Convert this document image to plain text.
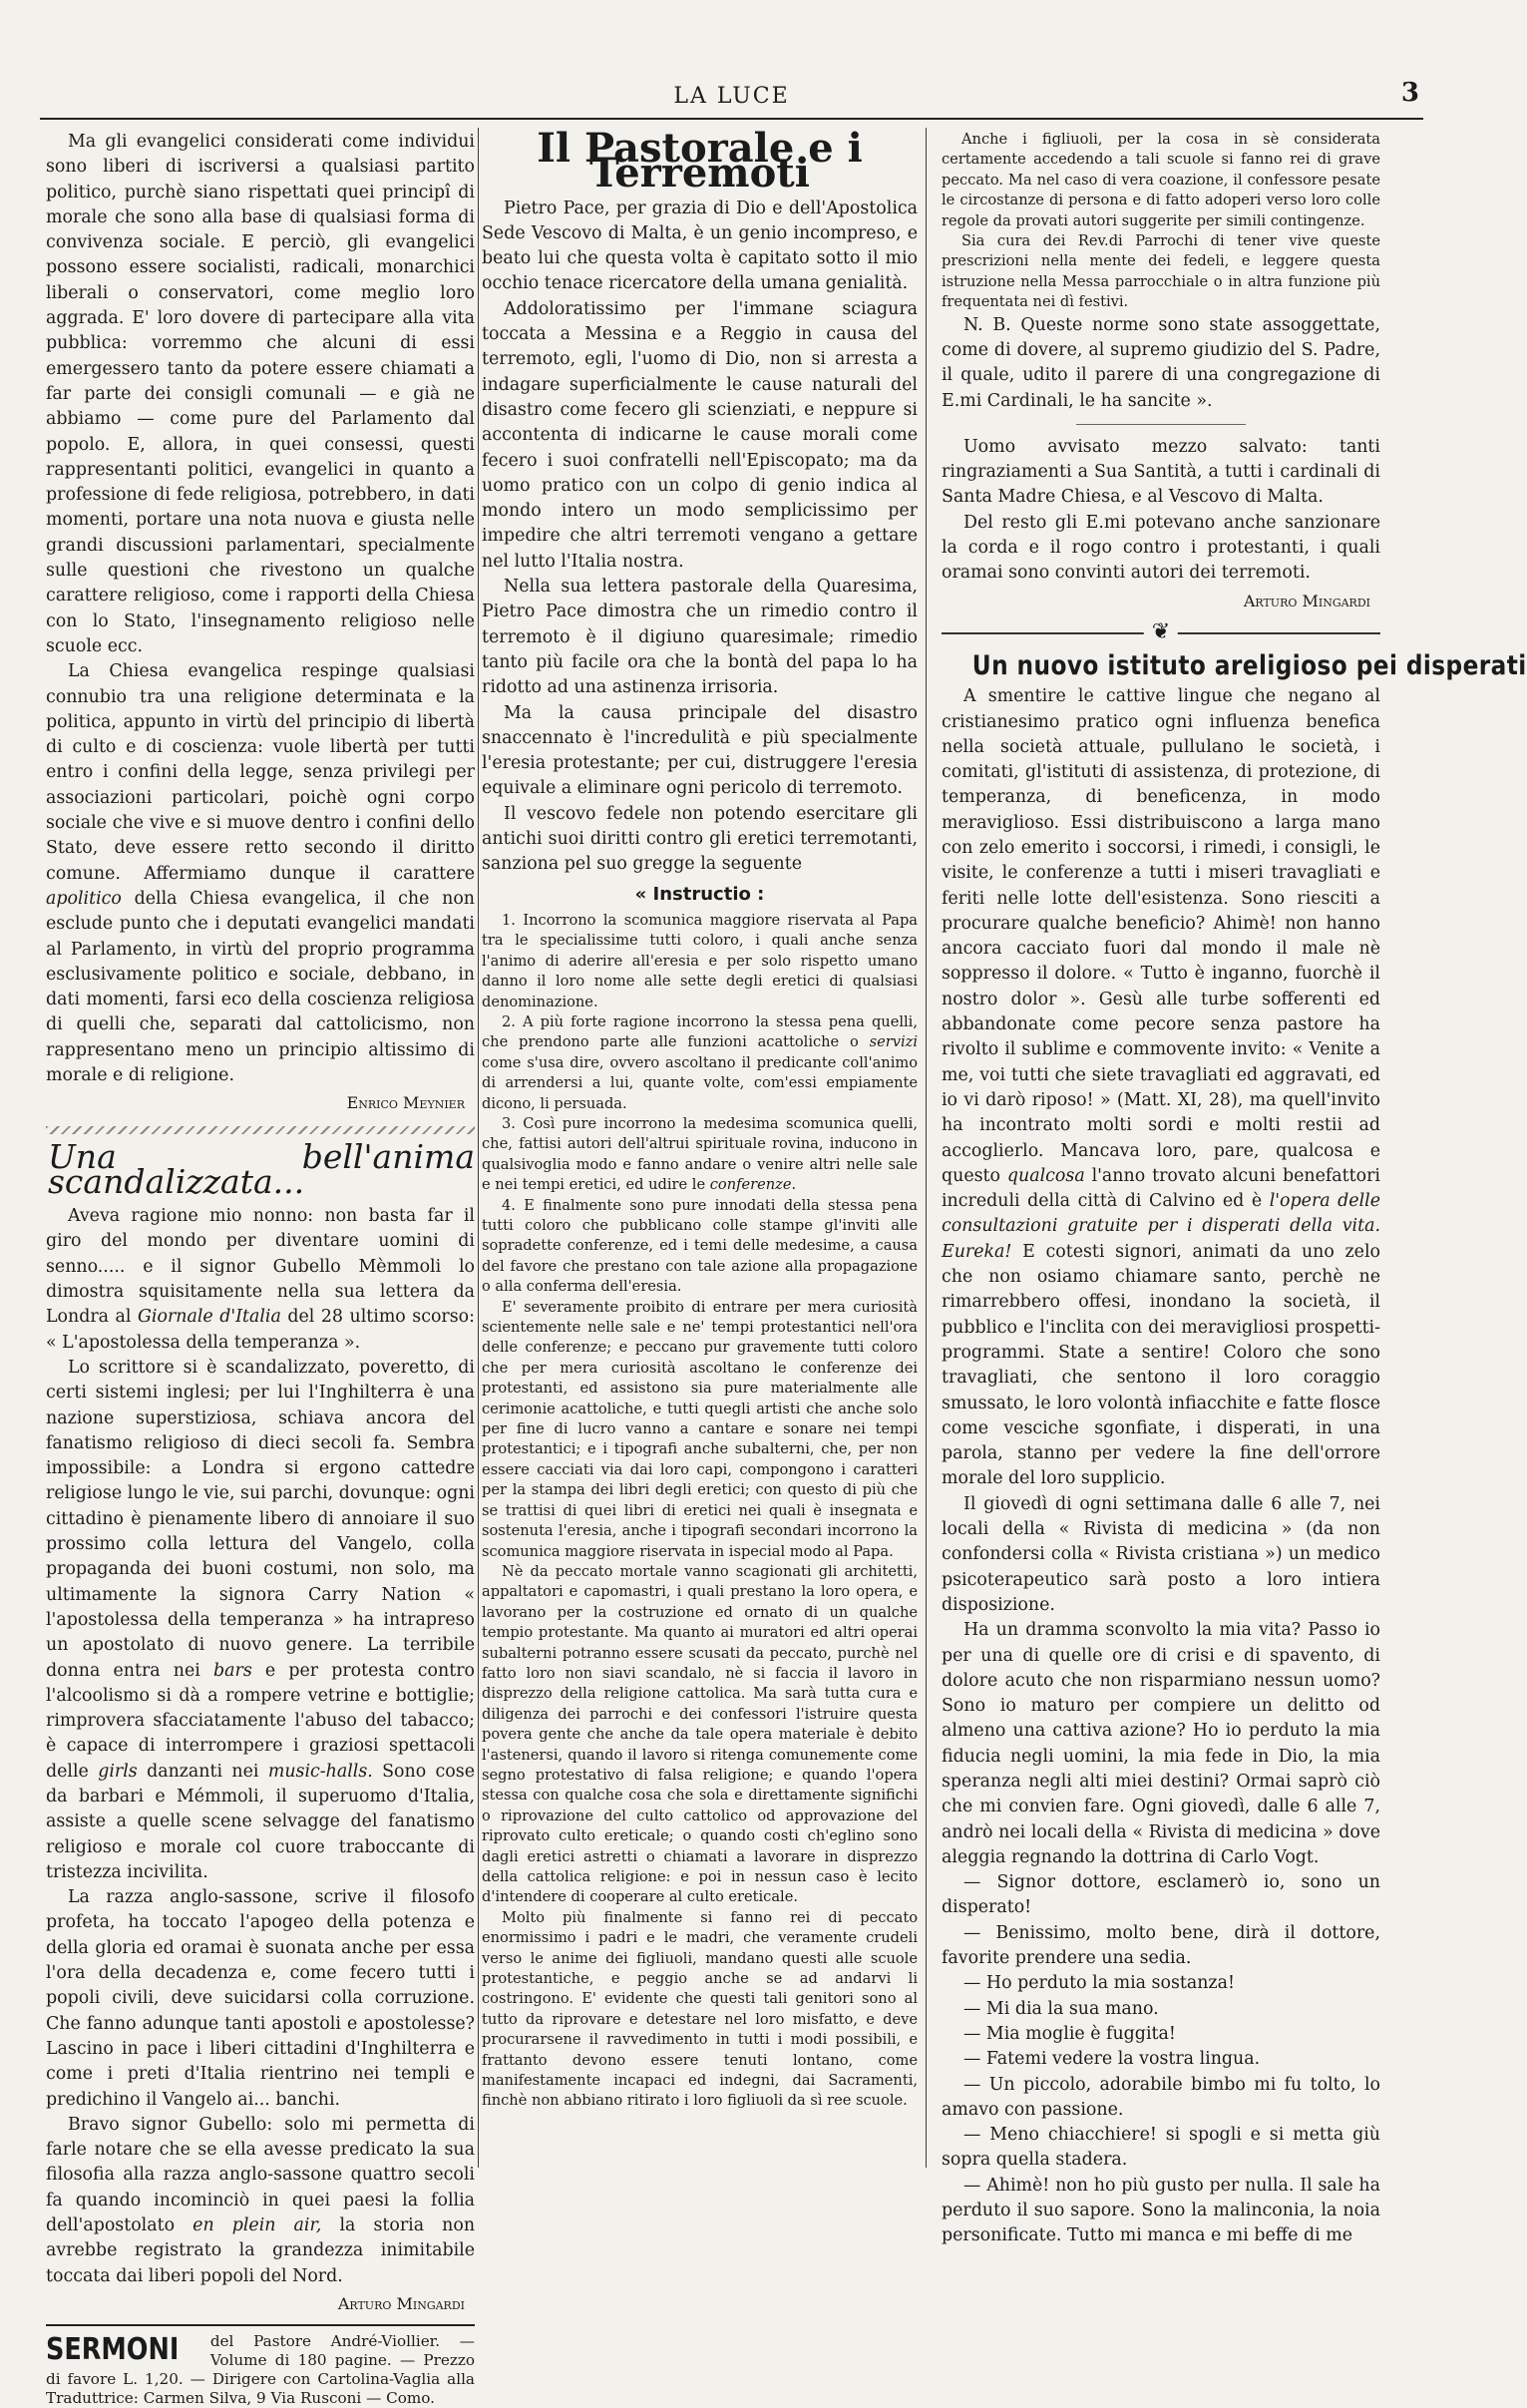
LA LUCE	3

Ma gli evangelici considerati come individui sono liberi di iscriversi a qualsiasi partito politico, purchè siano rispettati quei principî di morale che sono alla base di qualsiasi forma di convivenza sociale. E perciò, gli evangelici possono essere socialisti, radicali, monarchici liberali o conservatori, come meglio loro aggrada. E' loro dovere di partecipare alla vita pubblica: vorremmo che alcuni di essi emergessero tanto da potere essere chiamati a far parte dei consigli comunali — e già ne abbiamo — come pure del Parlamento dal popolo. E, allora, in quei consessi, questi rappresentanti politici, evangelici in quanto a professione di fede religiosa, potrebbero, in dati momenti, portare una nota nuova e giusta nelle grandi discussioni parlamentari, specialmente sulle questioni che rivestono un qualche carattere religioso, come i rapporti della Chiesa con lo Stato, l'insegnamento religioso nelle scuole ecc.

La Chiesa evangelica respinge qualsiasi connubio tra una religione determinata e la politica, appunto in virtù del principio di libertà di culto e di coscienza: vuole libertà per tutti entro i confini della legge, senza privilegi per associazioni particolari, poichè ogni corpo sociale che vive e si muove dentro i confini dello Stato, deve essere retto secondo il diritto comune. Affermiamo dunque il carattere apolitico della Chiesa evangelica, il che non esclude punto che i deputati evangelici mandati al Parlamento, in virtù del proprio programma esclusivamente politico e sociale, debbano, in dati momenti, farsi eco della coscienza religiosa di quelli che, separati dal cattolicismo, non rappresentano meno un principio altissimo di morale e di religione.

Enrico Meynier
Una bell'anima scandalizzata...

Aveva ragione mio nonno: non basta far il giro del mondo per diventare uomini di senno..... e il signor Gubello Mèmmoli lo dimostra squisitamente nella sua lettera da Londra al Giornale d'Italia del 28 ultimo scorso: « L'apostolessa della temperanza ».

Lo scrittore si è scandalizzato, poveretto, di certi sistemi inglesi; per lui l'Inghilterra è una nazione superstiziosa, schiava ancora del fanatismo religioso di dieci secoli fa. Sembra impossibile: a Londra si ergono cattedre religiose lungo le vie, sui parchi, dovunque: ogni cittadino è pienamente libero di annoiare il suo prossimo colla lettura del Vangelo, colla propaganda dei buoni costumi, non solo, ma ultimamente la signora Carry Nation « l'apostolessa della temperanza » ha intrapreso un apostolato di nuovo genere. La terribile donna entra nei bars e per protesta contro l'alcoolismo si dà a rompere vetrine e bottiglie; rimprovera sfacciatamente l'abuso del tabacco; è capace di interrompere i graziosi spettacoli delle girls danzanti nei music-halls. Sono cose da barbari e Mémmoli, il superuomo d'Italia, assiste a quelle scene selvagge del fanatismo religioso e morale col cuore traboccante di tristezza incivilita.

La razza anglo-sassone, scrive il filosofo profeta, ha toccato l'apogeo della potenza e della gloria ed oramai è suonata anche per essa l'ora della decadenza e, come fecero tutti i popoli civili, deve suicidarsi colla corruzione. Che fanno adunque tanti apostoli e apostolesse? Lascino in pace i liberi cittadini d'Inghilterra e come i preti d'Italia rientrino nei templi e predichino il Vangelo ai... banchi.

Bravo signor Gubello: solo mi permetta di farle notare che se ella avesse predicato la sua filosofia alla razza anglo-sassone quattro secoli fa quando incominciò in quei paesi la follia dell'apostolato en plein air, la storia non avrebbe registrato la grandezza inimitabile toccata dai liberi popoli del Nord.

Arturo Mingardi
SERMONI del Pastore André-Viollier. — Volume di 180 pagine. — Prezzo di favore L. 1,20. — Dirigere con Cartolina-Vaglia alla Traduttrice: Carmen Silva, 9 Via Rusconi — Como.
Il Pastorale e i Terremoti

Pietro Pace, per grazia di Dio e dell'Apostolica Sede Vescovo di Malta, è un genio incompreso, e beato lui che questa volta è capitato sotto il mio occhio tenace ricercatore della umana genialità.

Addoloratissimo per l'immane sciagura toccata a Messina e a Reggio in causa del terremoto, egli, l'uomo di Dio, non si arresta a indagare superficialmente le cause naturali del disastro come fecero gli scienziati, e neppure si accontenta di indicarne le cause morali come fecero i suoi confratelli nell'Episcopato; ma da uomo pratico con un colpo di genio indica al mondo intero un modo semplicissimo per impedire che altri terremoti vengano a gettare nel lutto l'Italia nostra.

Nella sua lettera pastorale della Quaresima, Pietro Pace dimostra che un rimedio contro il terremoto è il digiuno quaresimale; rimedio tanto più facile ora che la bontà del papa lo ha ridotto ad una astinenza irrisoria.

Ma la causa principale del disastro snaccennato è l'incredulità e più specialmente l'eresia protestante; per cui, distruggere l'eresia equivale a eliminare ogni pericolo di terremoto.

Il vescovo fedele non potendo esercitare gli antichi suoi diritti contro gli eretici terremotanti, sanziona pel suo gregge la seguente

« Instructio :

1. Incorrono la scomunica maggiore riservata al Papa tra le specialissime tutti coloro, i quali anche senza l'animo di aderire all'eresia e per solo rispetto umano danno il loro nome alle sette degli eretici di qualsiasi denominazione.

2. A più forte ragione incorrono la stessa pena quelli, che prendono parte alle funzioni acattoliche o servizi come s'usa dire, ovvero ascoltano il predicante coll'animo di arrendersi a lui, quante volte, com'essi empiamente dicono, li persuada.

3. Così pure incorrono la medesima scomunica quelli, che, fattisi autori dell'altrui spirituale rovina, inducono in qualsivoglia modo e fanno andare o venire altri nelle sale e nei tempi eretici, ed udire le conferenze.

4. E finalmente sono pure innodati della stessa pena tutti coloro che pubblicano colle stampe gl'inviti alle sopradette conferenze, ed i temi delle medesime, a causa del favore che prestano con tale azione alla propagazione o alla conferma dell'eresia.

E' severamente proibito di entrare per mera curiosità scientemente nelle sale e ne' tempi protestantici nell'ora delle conferenze; e peccano pur gravemente tutti coloro che per mera curiosità ascoltano le conferenze dei protestanti, ed assistono sia pure materialmente alle cerimonie acattoliche, e tutti quegli artisti che anche solo per fine di lucro vanno a cantare e sonare nei tempi protestantici; e i tipografi anche subalterni, che, per non essere cacciati via dai loro capi, compongono i caratteri per la stampa dei libri degli eretici; con questo di più che se trattisi di quei libri di eretici nei quali è insegnata e sostenuta l'eresia, anche i tipografi secondari incorrono la scomunica maggiore riservata in ispecial modo al Papa.

Nè da peccato mortale vanno scagionati gli architetti, appaltatori e capomastri, i quali prestano la loro opera, e lavorano per la costruzione ed ornato di un qualche tempio protestante. Ma quanto ai muratori ed altri operai subalterni potranno essere scusati da peccato, purchè nel fatto loro non siavi scandalo, nè si faccia il lavoro in disprezzo della religione cattolica. Ma sarà tutta cura e diligenza dei parrochi e dei confessori l'istruire questa povera gente che anche da tale opera materiale è debito l'astenersi, quando il lavoro si ritenga comunemente come segno protestativo di falsa religione; e quando l'opera stessa con qualche cosa che sola e direttamente significhi o riprovazione del culto cattolico od approvazione del riprovato culto ereticale; o quando costi ch'eglino sono dagli eretici astretti o chiamati a lavorare in disprezzo della cattolica religione: e poi in nessun caso è lecito d'intendere di cooperare al culto ereticale.

Molto più finalmente si fanno rei di peccato enormissimo i padri e le madri, che veramente crudeli verso le anime dei figliuoli, mandano questi alle scuole protestantiche, e peggio anche se ad andarvi li costringono. E' evidente che questi tali genitori sono al tutto da riprovare e detestare nel loro misfatto, e deve procurarsene il ravvedimento in tutti i modi possibili, e frattanto devono essere tenuti lontano, come manifestamente incapaci ed indegni, dai Sacramenti, finchè non abbiano ritirato i loro figliuoli da sì ree scuole.

Anche i figliuoli, per la cosa in sè considerata certamente accedendo a tali scuole si fanno rei di grave peccato. Ma nel caso di vera coazione, il confessore pesate le circostanze di persona e di fatto adoperi verso loro colle regole da provati autori suggerite per simili contingenze.

Sia cura dei Rev.di Parrochi di tener vive queste prescrizioni nella mente dei fedeli, e leggere questa istruzione nella Messa parrocchiale o in altra funzione più frequentata nei dì festivi.

N. B. Queste norme sono state assoggettate, come di dovere, al supremo giudizio del S. Padre, il quale, udito il parere di una congregazione di E.mi Cardinali, le ha sancite ».

Uomo avvisato mezzo salvato: tanti ringraziamenti a Sua Santità, a tutti i cardinali di Santa Madre Chiesa, e al Vescovo di Malta.

Del resto gli E.mi potevano anche sanzionare la corda e il rogo contro i protestanti, i quali oramai sono convinti autori dei terremoti.

Arturo Mingardi
❦
Un nuovo istituto areligioso pei disperati

A smentire le cattive lingue che negano al cristianesimo pratico ogni influenza benefica nella società attuale, pullulano le società, i comitati, gl'istituti di assistenza, di protezione, di temperanza, di beneficenza, in modo meraviglioso. Essi distribuiscono a larga mano con zelo emerito i soccorsi, i rimedi, i consigli, le visite, le conferenze a tutti i miseri travagliati e feriti nelle lotte dell'esistenza. Sono riesciti a procurare qualche beneficio? Ahimè! non hanno ancora cacciato fuori dal mondo il male nè soppresso il dolore. « Tutto è inganno, fuorchè il nostro dolor ». Gesù alle turbe sofferenti ed abbandonate come pecore senza pastore ha rivolto il sublime e commovente invito: « Venite a me, voi tutti che siete travagliati ed aggravati, ed io vi darò riposo! » (Matt. XI, 28), ma quell'invito ha incontrato molti sordi e molti restii ad accoglierlo. Mancava loro, pare, qualcosa e questo qualcosa l'anno trovato alcuni benefattori increduli della città di Calvino ed è l'opera delle consultazioni gratuite per i disperati della vita. Eureka! E cotesti signori, animati da uno zelo che non osiamo chiamare santo, perchè ne rimarrebbero offesi, inondano la società, il pubblico e l'inclita con dei meravigliosi prospetti-programmi. State a sentire! Coloro che sono travagliati, che sentono il loro coraggio smussato, le loro volontà infiacchite e fatte flosce come vesciche sgonfiate, i disperati, in una parola, stanno per vedere la fine dell'orrore morale del loro supplicio.

Il giovedì di ogni settimana dalle 6 alle 7, nei locali della « Rivista di medicina » (da non confondersi colla « Rivista cristiana ») un medico psicoterapeutico sarà posto a loro intiera disposizione.

Ha un dramma sconvolto la mia vita? Passo io per una di quelle ore di crisi e di spavento, di dolore acuto che non risparmiano nessun uomo? Sono io maturo per compiere un delitto od almeno una cattiva azione? Ho io perduto la mia fiducia negli uomini, la mia fede in Dio, la mia speranza negli alti miei destini? Ormai saprò ciò che mi convien fare. Ogni giovedì, dalle 6 alle 7, andrò nei locali della « Rivista di medicina » dove aleggia regnando la dottrina di Carlo Vogt.

— Signor dottore, esclamerò io, sono un disperato!

— Benissimo, molto bene, dirà il dottore, favorite prendere una sedia.

— Ho perduto la mia sostanza!

— Mi dia la sua mano.

— Mia moglie è fuggita!

— Fatemi vedere la vostra lingua.

— Un piccolo, adorabile bimbo mi fu tolto, lo amavo con passione.

— Meno chiacchiere! si spogli e si metta giù sopra quella stadera.

— Ahimè! non ho più gusto per nulla. Il sale ha perduto il suo sapore. Sono la malinconia, la noia personificate. Tutto mi manca e mi beffe di me
